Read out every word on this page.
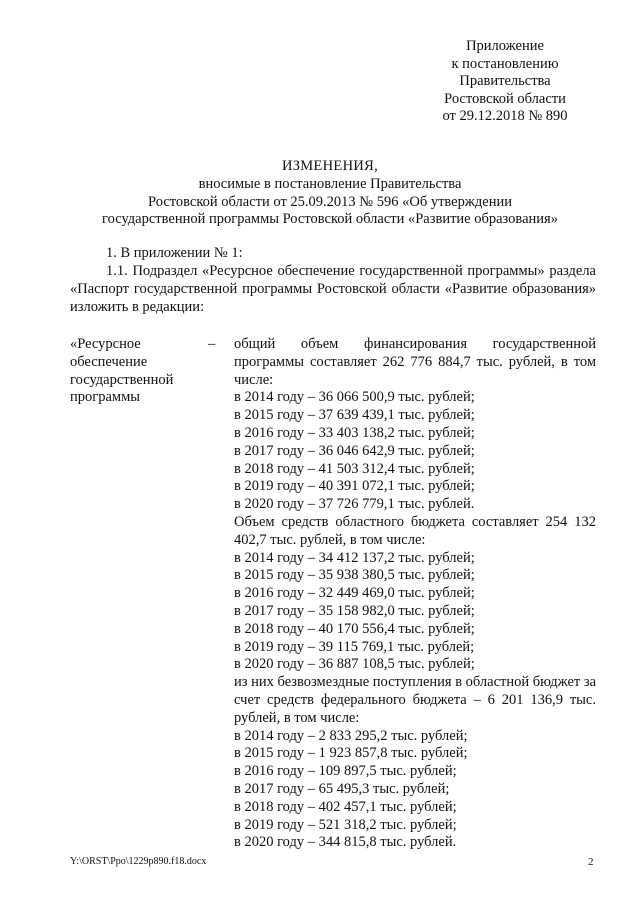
Приложение
к постановлению
Правительства
Ростовской области
от 29.12.2018 № 890
ИЗМЕНЕНИЯ,
вносимые в постановление Правительства
Ростовской области от 25.09.2013 № 596 «Об утверждении
государственной программы Ростовской области «Развитие образования»
1. В приложении № 1:
1.1. Подраздел «Ресурсное обеспечение государственной программы» раздела «Паспорт государственной программы Ростовской области «Развитие образования» изложить в редакции:
«Ресурсное
обеспечение
государственной
программы
– общий объем финансирования государственной программы составляет 262 776 884,7 тыс. рублей, в том числе:
в 2014 году – 36 066 500,9 тыс. рублей;
в 2015 году – 37 639 439,1 тыс. рублей;
в 2016 году – 33 403 138,2 тыс. рублей;
в 2017 году – 36 046 642,9 тыс. рублей;
в 2018 году – 41 503 312,4 тыс. рублей;
в 2019 году – 40 391 072,1 тыс. рублей;
в 2020 году – 37 726 779,1 тыс. рублей.
Объем средств областного бюджета составляет 254 132 402,7 тыс. рублей, в том числе:
в 2014 году – 34 412 137,2 тыс. рублей;
в 2015 году – 35 938 380,5 тыс. рублей;
в 2016 году – 32 449 469,0 тыс. рублей;
в 2017 году – 35 158 982,0 тыс. рублей;
в 2018 году – 40 170 556,4 тыс. рублей;
в 2019 году – 39 115 769,1 тыс. рублей;
в 2020 году – 36 887 108,5 тыс. рублей;
из них безвозмездные поступления в областной бюджет за счет средств федерального бюджета – 6 201 136,9 тыс. рублей, в том числе:
в 2014 году – 2 833 295,2 тыс. рублей;
в 2015 году – 1 923 857,8 тыс. рублей;
в 2016 году – 109 897,5 тыс. рублей;
в 2017 году – 65 495,3 тыс. рублей;
в 2018 году – 402 457,1 тыс. рублей;
в 2019 году – 521 318,2 тыс. рублей;
в 2020 году – 344 815,8 тыс. рублей.
Y:\ORST\Ppo\1229p890.f18.docx	2
